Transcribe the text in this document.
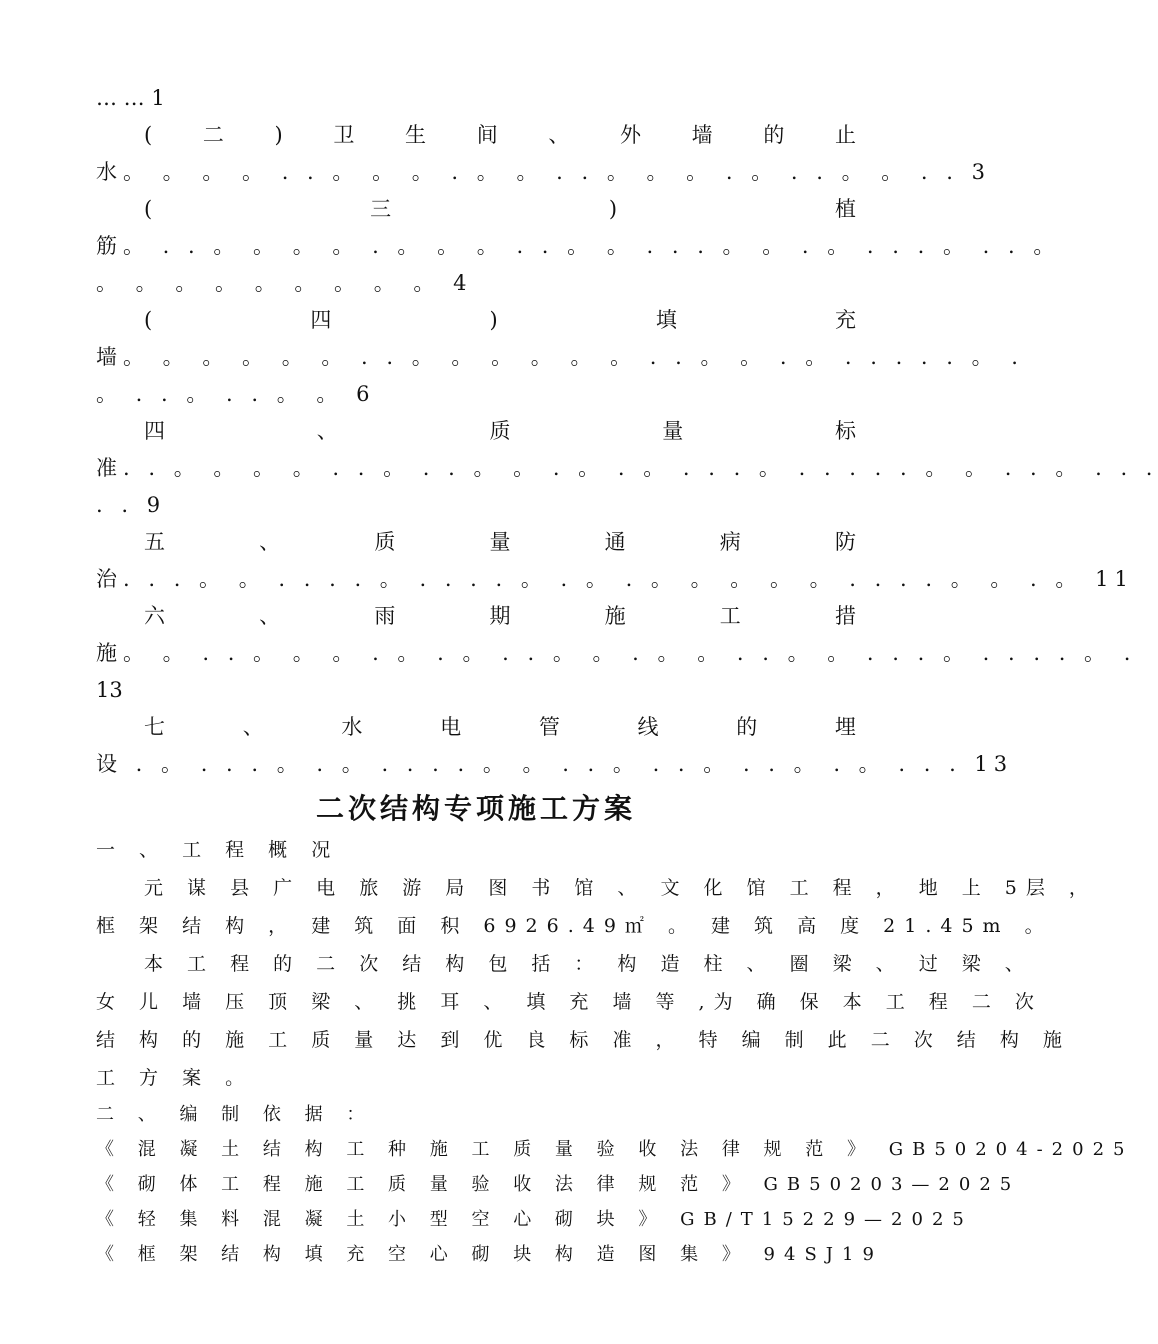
… … 1
( 二 ) 卫 生 间 、 外 墙 的 止
水。 。 。 。 . . 。 。 。 . 。 。 . . 。 。 。 . 。 . . 。 。 . . 3
(	三	)	植
筋。 . . 。 。 。 。 . 。 。 。 . . 。 。 . . . 。 。 . 。 . . . 。 . . 。
。 。 。 。 。 。 。 。 。 4
(	四	)	填	充
墙。 。 。 。 。 。 . . 。 。 。 。 。 。 . . 。 。 . 。 . . . . . 。 .
。 . . 。 . . 。 。 6
四	、	质	量	标
准. . 。 。 。 。 . . 。 . . 。 。 . 。 . 。 . . . 。 . . . . . 。 。 . . 。 . . .
. . 9
五	、	质	量	通	病	防
治. . . 。 。 . . . . 。 . . . . 。 . 。 . 。 。 。 。 。 . . . . 。 。 . 。 11
六	、	雨	期	施	工	措
施。 。 . . 。 。 。 . 。 . 。 . . 。 。 . 。 。 . . 。 。 . . . 。 . . . . 。 .
13
七	、	水	电	管	线	的	埋
设 . 。 . . . 。 . 。 . . . . 。 。 . . 。 . . 。 . . 。 . 。 . . . 13
二次结构专项施工方案
一 、 工 程 概 况
元 谋 县 广 电 旅 游 局 图 书 馆 、 文 化 馆 工 程 ， 地 上 5层 ，
框 架 结 构 ， 建 筑 面 积 6926.49㎡ 。 建 筑 高 度 21.45m 。
本 工 程 的 二 次 结 构 包 括 ： 构 造 柱 、 圈 梁 、 过 梁 、
女 儿 墙 压 顶 梁 、 挑 耳 、 填 充 墙 等 ,为 确 保 本 工 程 二 次
结 构 的 施 工 质 量 达 到 优 良 标 准 ， 特 编 制 此 二 次 结 构 施
工 方 案 。
二 、 编 制 依 据 ：
《 混 凝 土 结 构 工 种 施 工 质 量 验 收 法 律 规 范 》 GB50204-2025
《 砌 体 工 程 施 工 质 量 验 收 法 律 规 范 》 GB50203—2025
《 轻 集 料 混 凝 土 小 型 空 心 砌 块 》 GB/T15229—2025
《 框 架 结 构 填 充 空 心 砌 块 构 造 图 集 》 94SJ19
